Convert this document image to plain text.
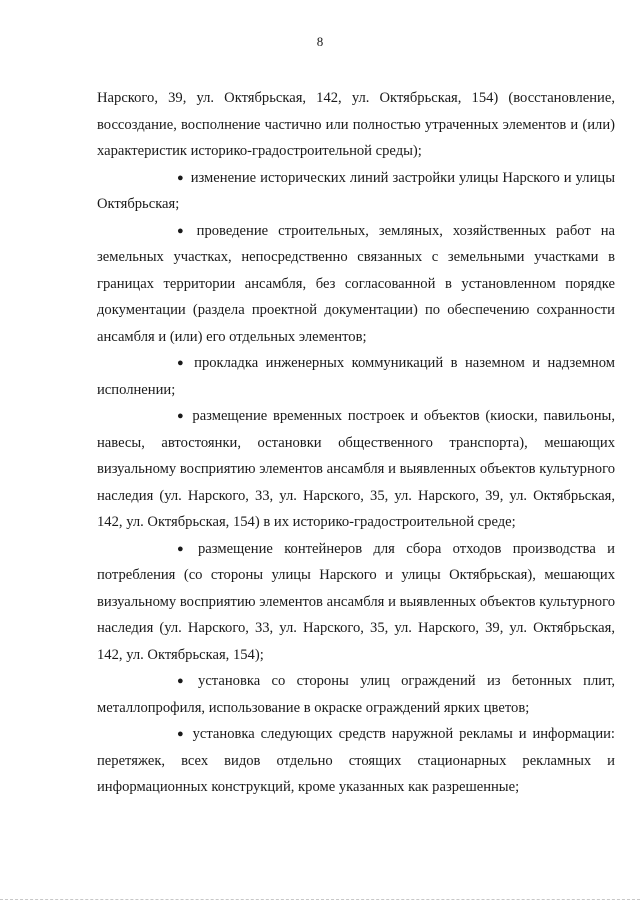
8

Нарского, 39, ул. Октябрьская, 142, ул. Октябрьская, 154) (восстановление, воссоздание, восполнение частично или полностью утраченных элементов и (или) характеристик историко-градостроительной среды);

● изменение исторических линий застройки улицы Нарского и улицы Октябрьская;

● проведение строительных, земляных, хозяйственных работ на земельных участках, непосредственно связанных с земельными участками в границах территории ансамбля, без согласованной в установленном порядке документации (раздела проектной документации) по обеспечению сохранности ансамбля и (или) его отдельных элементов;

● прокладка инженерных коммуникаций в наземном и надземном исполнении;

● размещение временных построек и объектов (киоски, павильоны, навесы, автостоянки, остановки общественного транспорта), мешающих визуальному восприятию элементов ансамбля и выявленных объектов культурного наследия (ул. Нарского, 33, ул. Нарского, 35, ул. Нарского, 39, ул. Октябрьская, 142, ул. Октябрьская, 154) в их историко-градостроительной среде;

● размещение контейнеров для сбора отходов производства и потребления (со стороны улицы Нарского и улицы Октябрьская), мешающих визуальному восприятию элементов ансамбля и выявленных объектов культурного наследия (ул. Нарского, 33, ул. Нарского, 35, ул. Нарского, 39, ул. Октябрьская, 142, ул. Октябрьская, 154);

● установка со стороны улиц ограждений из бетонных плит, металлопрофиля, использование в окраске ограждений ярких цветов;

● установка следующих средств наружной рекламы и информации: перетяжек, всех видов отдельно стоящих стационарных рекламных и информационных конструкций, кроме указанных как разрешенные;
